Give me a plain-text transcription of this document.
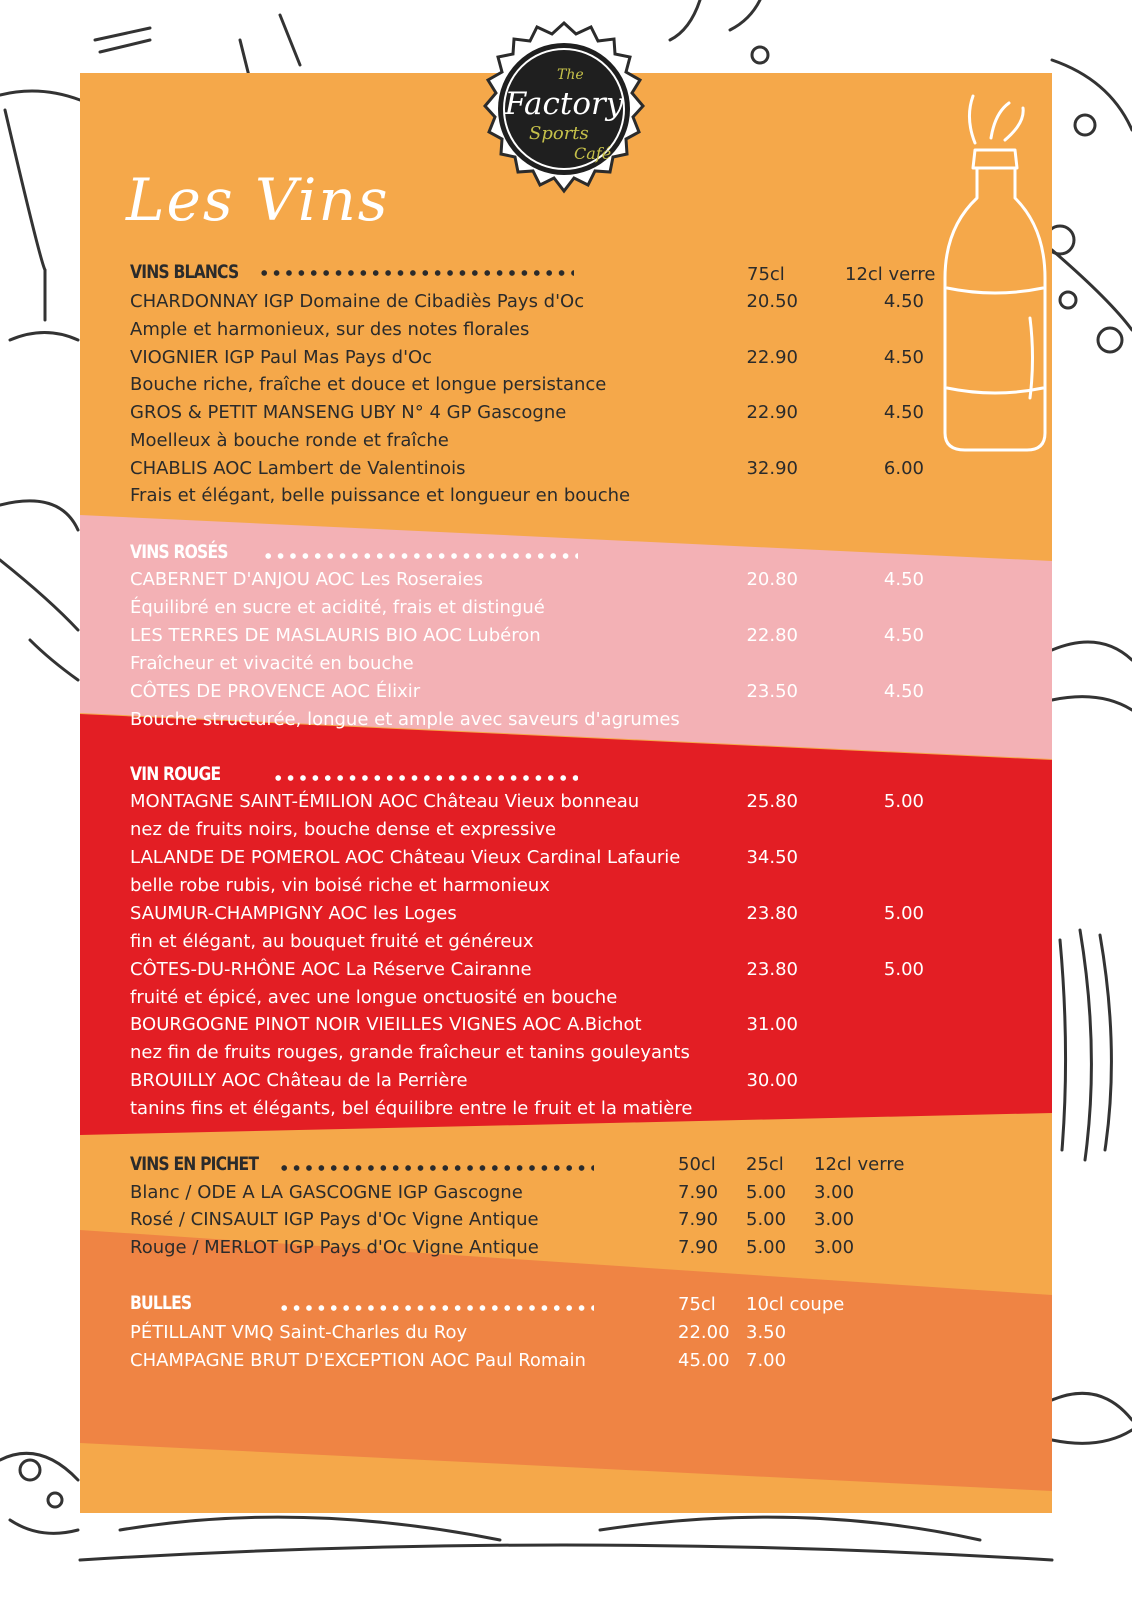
The
Factory
Sports
Café
Les Vins
VINS BLANCS	75cl	12cl verre
CHARDONNAY IGP Domaine de Cibadiès Pays d'Oc	20.50	4.50
Ample et harmonieux, sur des notes florales
VIOGNIER IGP Paul Mas Pays d'Oc	22.90	4.50
Bouche riche, fraîche et douce et longue persistance
GROS & PETIT MANSENG UBY N° 4 GP Gascogne	22.90	4.50
Moelleux à bouche ronde et fraîche
CHABLIS AOC Lambert de Valentinois	32.90	6.00
Frais et élégant, belle puissance et longueur en bouche
VINS ROSÉS
CABERNET D'ANJOU AOC Les Roseraies	20.80	4.50
Équilibré en sucre et acidité, frais et distingué
LES TERRES DE MASLAURIS BIO AOC Lubéron	22.80	4.50
Fraîcheur et vivacité en bouche
CÔTES DE PROVENCE AOC Élixir	23.50	4.50
Bouche structurée, longue et ample avec saveurs d'agrumes
VIN ROUGE
MONTAGNE SAINT-ÉMILION AOC Château Vieux bonneau	25.80	5.00
nez de fruits noirs, bouche dense et expressive
LALANDE DE POMEROL AOC Château Vieux Cardinal Lafaurie	34.50
belle robe rubis, vin boisé riche et harmonieux
SAUMUR-CHAMPIGNY AOC les Loges	23.80	5.00
fin et élégant, au bouquet fruité et généreux
CÔTES-DU-RHÔNE AOC La Réserve Cairanne	23.80	5.00
fruité et épicé, avec une longue onctuosité en bouche
BOURGOGNE PINOT NOIR VIEILLES VIGNES AOC A.Bichot	31.00
nez fin de fruits rouges, grande fraîcheur et tanins gouleyants
BROUILLY AOC Château de la Perrière	30.00
tanins fins et élégants, bel équilibre entre le fruit et la matière
VINS EN PICHET	50cl 25cl 12cl verre
Blanc / ODE A LA GASCOGNE IGP Gascogne	7.90 5.00 3.00
Rosé / CINSAULT IGP Pays d'Oc Vigne Antique	7.90 5.00 3.00
Rouge / MERLOT IGP Pays d'Oc Vigne Antique	7.90 5.00 3.00
BULLES	75cl 10cl coupe
PÉTILLANT VMQ Saint-Charles du Roy	22.00 3.50
CHAMPAGNE BRUT D'EXCEPTION AOC Paul Romain	45.00 7.00
